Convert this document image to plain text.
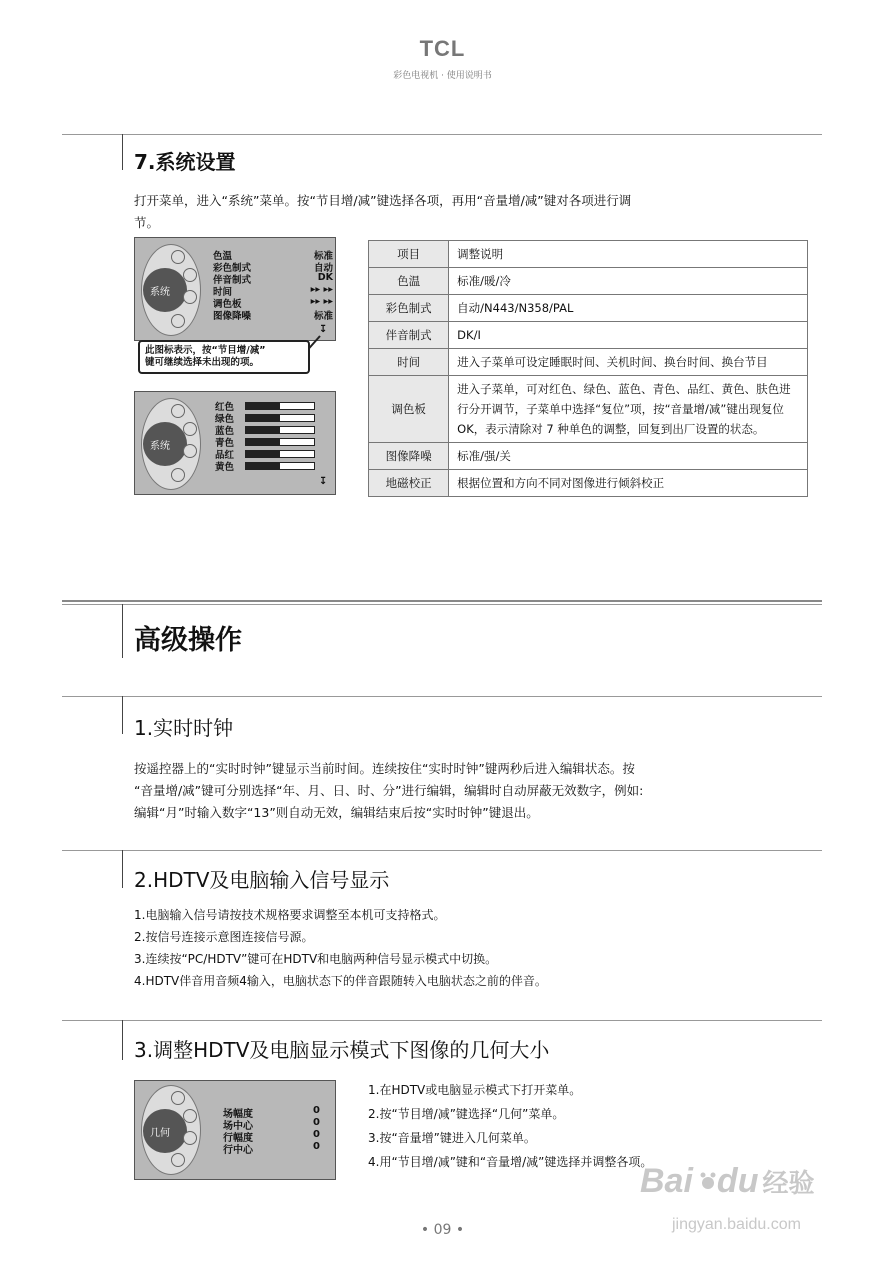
TCL
彩色电视机 · 使用说明书
7.系统设置

打开菜单，进入“系统”菜单。按“节目增/减”键选择各项，再用“音量增/减”键对各项进行调

节。

系统
色温	标准
彩色制式	自动
伴音制式	DK
时间	▸▸ ▸▸
调色板	▸▸ ▸▸
图像降噪	标准
↧
此图标表示，按“节目增/减”
键可继续选择未出现的项。
系统
红色
绿色
蓝色
青色
品红
黄色
↧
项目	调整说明
色温	标准/暖/冷
彩色制式	自动/N443/N358/PAL
伴音制式	DK/I
时间	进入子菜单可设定睡眠时间、关机时间、换台时间、换台节目
调色板	进入子菜单，可对红色、绿色、蓝色、青色、品红、黄色、肤色进行分开调节，子菜单中选择“复位”项，按“音量增/减”键出现复位OK，表示清除对 7 种单色的调整，回复到出厂设置的状态。
图像降噪	标准/强/关
地磁校正	根据位置和方向不同对图像进行倾斜校正
高级操作
1.实时时钟

按遥控器上的“实时时钟”键显示当前时间。连续按住“实时时钟”键两秒后进入编辑状态。按

“音量增/减”键可分别选择“年、月、日、时、分”进行编辑，编辑时自动屏蔽无效数字，例如:

编辑“月”时输入数字“13”则自动无效，编辑结束后按“实时时钟”键退出。

2.HDTV及电脑输入信号显示
1.电脑输入信号请按技术规格要求调整至本机可支持格式。
2.按信号连接示意图连接信号源。
3.连续按“PC/HDTV”键可在HDTV和电脑两种信号显示模式中切换。
4.HDTV伴音用音频4输入，电脑状态下的伴音跟随转入电脑状态之前的伴音。
3.调整HDTV及电脑显示模式下图像的几何大小
几何
场幅度	0
场中心	0
行幅度	0
行中心	0
1.在HDTV或电脑显示模式下打开菜单。
2.按“节目增/减”键选择“几何”菜单。
3.按“音量增”键进入几何菜单。
4.用“节目增/减”键和“音量增/减”键选择并调整各项。
• 09 •
Bai du 经验
jingyan.baidu.com
